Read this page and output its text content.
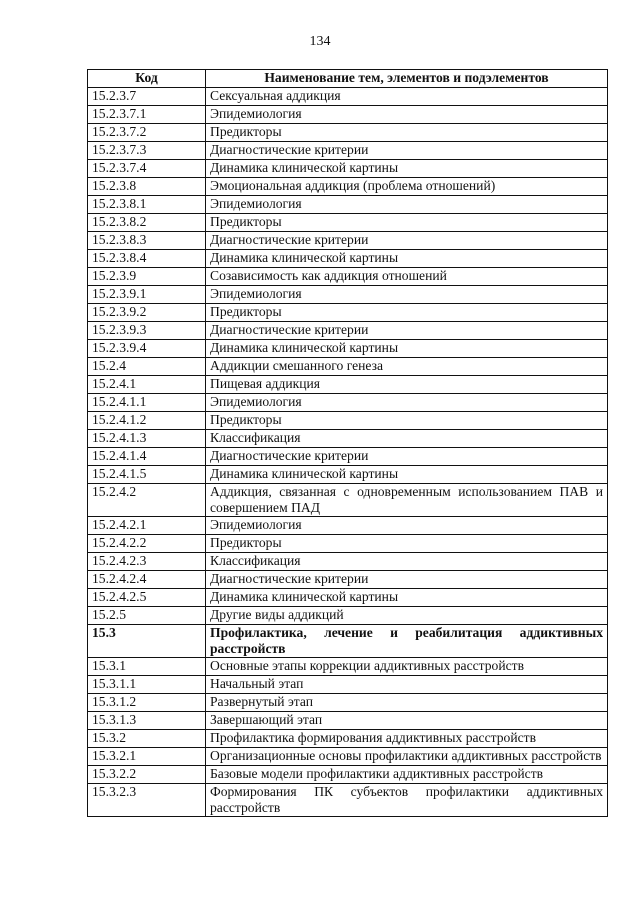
134
Код	Наименование тем, элементов и подэлементов
15.2.3.7	Сексуальная аддикция
15.2.3.7.1	Эпидемиология
15.2.3.7.2	Предикторы
15.2.3.7.3	Диагностические критерии
15.2.3.7.4	Динамика клинической картины
15.2.3.8	Эмоциональная аддикция (проблема отношений)
15.2.3.8.1	Эпидемиология
15.2.3.8.2	Предикторы
15.2.3.8.3	Диагностические критерии
15.2.3.8.4	Динамика клинической картины
15.2.3.9	Созависимость как аддикция отношений
15.2.3.9.1	Эпидемиология
15.2.3.9.2	Предикторы
15.2.3.9.3	Диагностические критерии
15.2.3.9.4	Динамика клинической картины
15.2.4	Аддикции смешанного генеза
15.2.4.1	Пищевая аддикция
15.2.4.1.1	Эпидемиология
15.2.4.1.2	Предикторы
15.2.4.1.3	Классификация
15.2.4.1.4	Диагностические критерии
15.2.4.1.5	Динамика клинической картины
15.2.4.2	Аддикция, связанная с одновременным использованием ПАВ и совершением ПАД
15.2.4.2.1	Эпидемиология
15.2.4.2.2	Предикторы
15.2.4.2.3	Классификация
15.2.4.2.4	Диагностические критерии
15.2.4.2.5	Динамика клинической картины
15.2.5	Другие виды аддикций
15.3	Профилактика, лечение и реабилитация аддиктивных расстройств
15.3.1	Основные этапы коррекции аддиктивных расстройств
15.3.1.1	Начальный этап
15.3.1.2	Развернутый этап
15.3.1.3	Завершающий этап
15.3.2	Профилактика формирования аддиктивных расстройств
15.3.2.1	Организационные основы профилактики аддиктивных расстройств
15.3.2.2	Базовые модели профилактики аддиктивных расстройств
15.3.2.3	Формирования ПК субъектов профилактики аддиктивных расстройств
